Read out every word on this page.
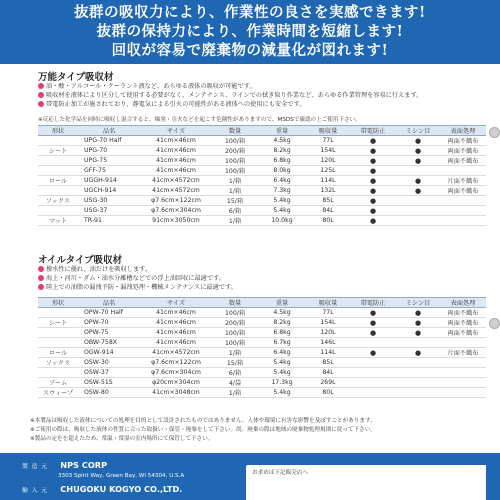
抜群の吸収力により、作業性の良さを実感できます!
抜群の保持力により、作業時間を短縮します!
回収が容易で廃棄物の減量化が図れます!
万能タイプ吸収材
油・酸・アルコール・クーラント液など、あらゆる液体の吸収が可能です。
吸収材を液体により区分して使用する必要がなく、メンテナンス、ラインでの拭き取り作業など、あらゆる作業管理を容易に行えます。
帯電防止加工が施されており、静電気による引火の可能性がある液体への使用にも安全です。
※反応した化学品を同時に吸収し混合すると、爆発・引火などを起こす危険性がありますので、MSDSで確認の上ご使用下さい。
形状	品名	サイズ	数量	重量	吸収量	帯電防止	ミシン目	表面処理
	UPG-70 Half	41cm×46cm	100/箱	4.5kg	77L	●	●	両面不織布
シート	UPG-70	41cm×46cm	200/箱	8.2kg	154L	●	●	両面不織布
	UPG-75	41cm×46cm	100/箱	6.8kg	120L	●	●	両面不織布
	GFF-75	41cm×46cm	100/箱	8.0kg	125L	●		
ロール	UGGH-914	41cm×4572cm	1/箱	6.4kg	114L	●	●	片面不織布
	UGCH-914	41cm×4572cm	1/箱	7.3kg	132L	●	●	両面不織布
ソックス	USG-30	φ7.6cm×122cm	15/箱	5.4kg	85L	●		
	USG-37	φ7.6cm×304cm	6/箱	5.4kg	84L	●		
マット	TR-91	91cm×3050cm	1/箱	10.0kg	80L	●		
オイルタイプ吸収材
撥水性に優れ、油だけを吸収します。
海上・河川・ダム・油水分離槽などでの浮上油回収に最適です。
陸上での油脂の漏洩予防・漏洩処理・機械メンテナンスに最適です。
形状	品名	サイズ	数量	重量	吸収量	帯電防止	ミシン目	表面処理
	OPW-70 Half	41cm×46cm	100/箱	4.5kg	77L	●	●	両面不織布
シート	OPW-70	41cm×46cm	200/箱	8.2kg	154L	●	●	両面不織布
	OPW-75	41cm×46cm	100/箱	6.8kg	120L	●	●	両面不織布
	OBW-758X	41cm×46cm	100/箱	6.7kg	146L			
ロール	OGW-914	41cm×4572cm	1/箱	6.4kg	114L	●	●	片面不織布
ソックス	OSW-30	φ7.6cm×122cm	15/箱	5.4kg	85L			
	OSW-37	φ7.6cm×304cm	6/箱	5.4kg	84L			
ブーム	OSW-51S	φ20cm×304cm	4/袋	17.3kg	269L			
スウィープ	OSW-80	41cm×3048cm	1/箱	5.4kg	80L			
※本製品は吸収した液体についての処理を目的として設計されたものではありません。人体や環境に有害な影響を及ぼすことがあります。
※ご使用の際は、吸収した液体の性質に合った取扱い・保管・廃棄をして下さい。尚、廃棄の際は地域の廃棄物処理規則に従って下さい。
※製品の定をを超えたため、常温・常湿の室内場所にて保管して下さい。
製 造 元 NPS CORP
3303 Spirit Way, Green Bay, WI 54304, U.S.A
輸 入 元 CHUGOKU KOGYO CO.,LTD.
お求めは下記販売店へ
